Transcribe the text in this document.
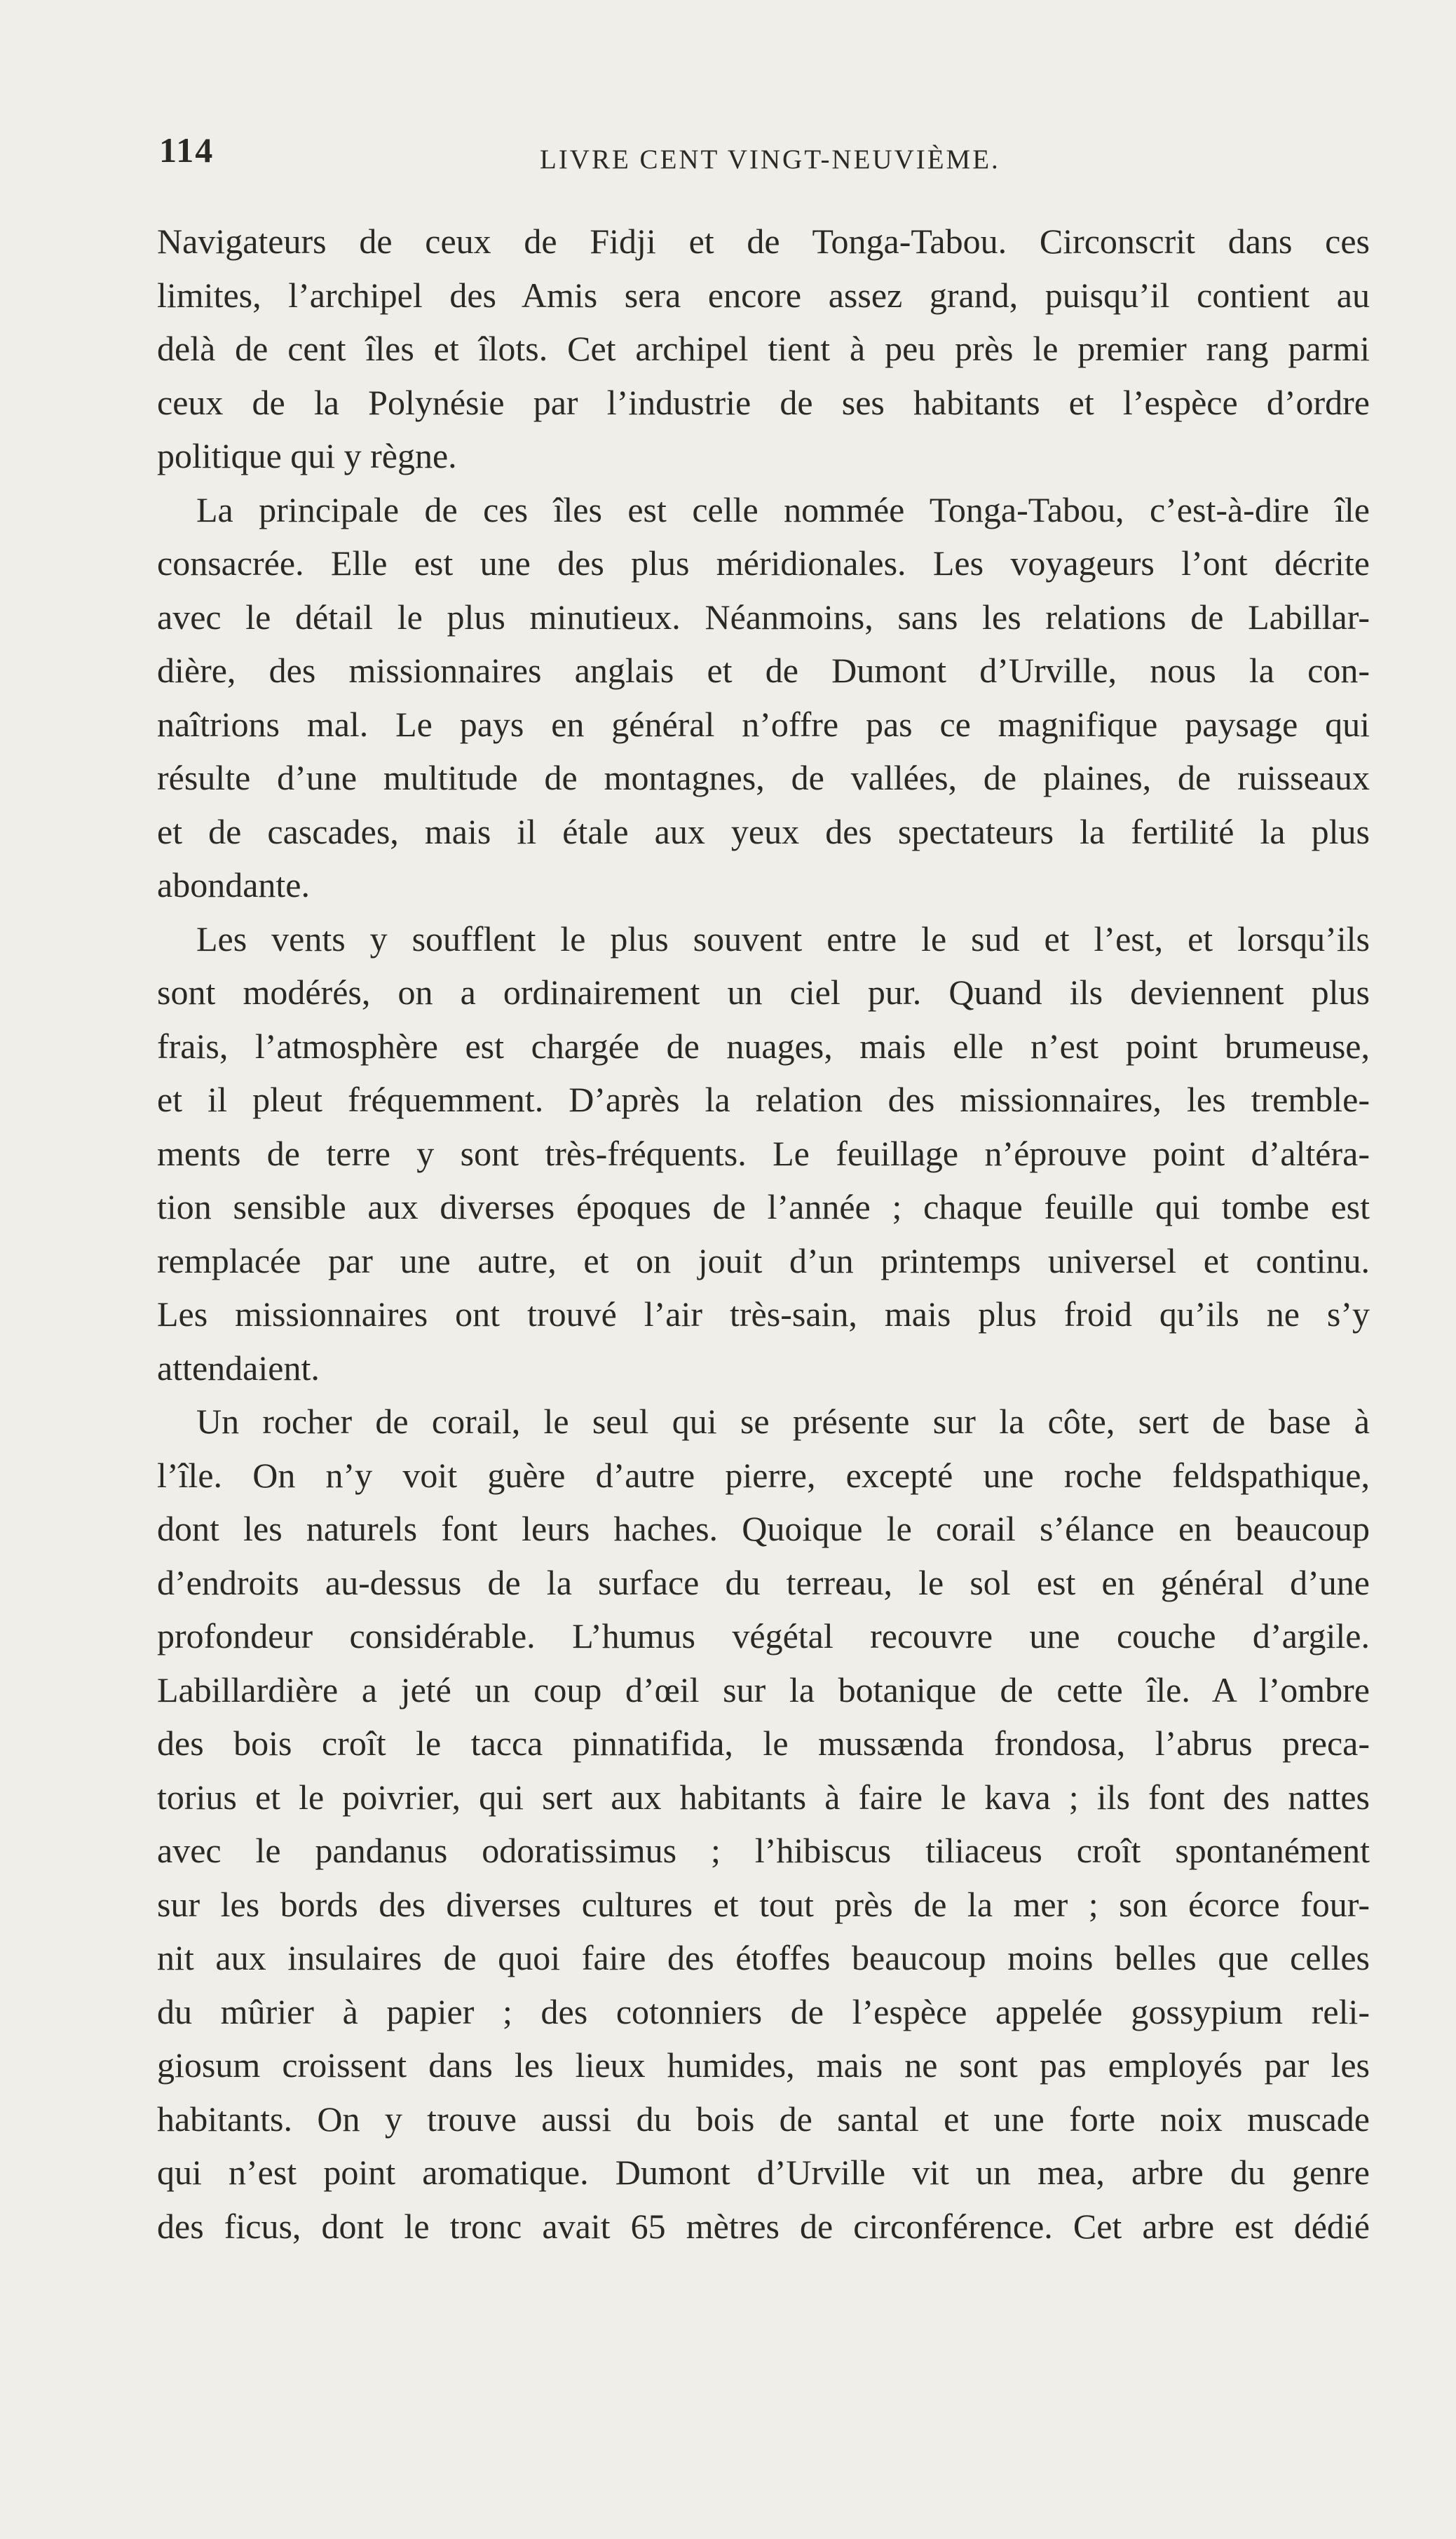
114	LIVRE CENT VINGT-NEUVIÈME.

Navigateurs de ceux de Fidji et de Tonga-Tabou. Circonscrit dans ces
limites, l’archipel des Amis sera encore assez grand, puisqu’il contient au
delà de cent îles et îlots. Cet archipel tient à peu près le premier rang parmi
ceux de la Polynésie par l’industrie de ses habitants et l’espèce d’ordre
politique qui y règne.

La principale de ces îles est celle nommée Tonga-Tabou, c’est-à-dire île
consacrée. Elle est une des plus méridionales. Les voyageurs l’ont décrite
avec le détail le plus minutieux. Néanmoins, sans les relations de Labillar-
dière, des missionnaires anglais et de Dumont d’Urville, nous la con-
naîtrions mal. Le pays en général n’offre pas ce magnifique paysage qui
résulte d’une multitude de montagnes, de vallées, de plaines, de ruisseaux
et de cascades, mais il étale aux yeux des spectateurs la fertilité la plus
abondante.

Les vents y soufflent le plus souvent entre le sud et l’est, et lorsqu’ils
sont modérés, on a ordinairement un ciel pur. Quand ils deviennent plus
frais, l’atmosphère est chargée de nuages, mais elle n’est point brumeuse,
et il pleut fréquemment. D’après la relation des missionnaires, les tremble-
ments de terre y sont très-fréquents. Le feuillage n’éprouve point d’altéra-
tion sensible aux diverses époques de l’année ; chaque feuille qui tombe est
remplacée par une autre, et on jouit d’un printemps universel et continu.
Les missionnaires ont trouvé l’air très-sain, mais plus froid qu’ils ne s’y
attendaient.

Un rocher de corail, le seul qui se présente sur la côte, sert de base à
l’île. On n’y voit guère d’autre pierre, excepté une roche feldspathique,
dont les naturels font leurs haches. Quoique le corail s’élance en beaucoup
d’endroits au-dessus de la surface du terreau, le sol est en général d’une
profondeur considérable. L’humus végétal recouvre une couche d’argile.
Labillardière a jeté un coup d’œil sur la botanique de cette île. A l’ombre
des bois croît le tacca pinnatifida, le mussænda frondosa, l’abrus preca-
torius et le poivrier, qui sert aux habitants à faire le kava ; ils font des nattes
avec le pandanus odoratissimus ; l’hibiscus tiliaceus croît spontanément
sur les bords des diverses cultures et tout près de la mer ; son écorce four-
nit aux insulaires de quoi faire des étoffes beaucoup moins belles que celles
du mûrier à papier ; des cotonniers de l’espèce appelée gossypium reli-
giosum croissent dans les lieux humides, mais ne sont pas employés par les
habitants. On y trouve aussi du bois de santal et une forte noix muscade
qui n’est point aromatique. Dumont d’Urville vit un mea, arbre du genre
des ficus, dont le tronc avait 65 mètres de circonférence. Cet arbre est dédié
